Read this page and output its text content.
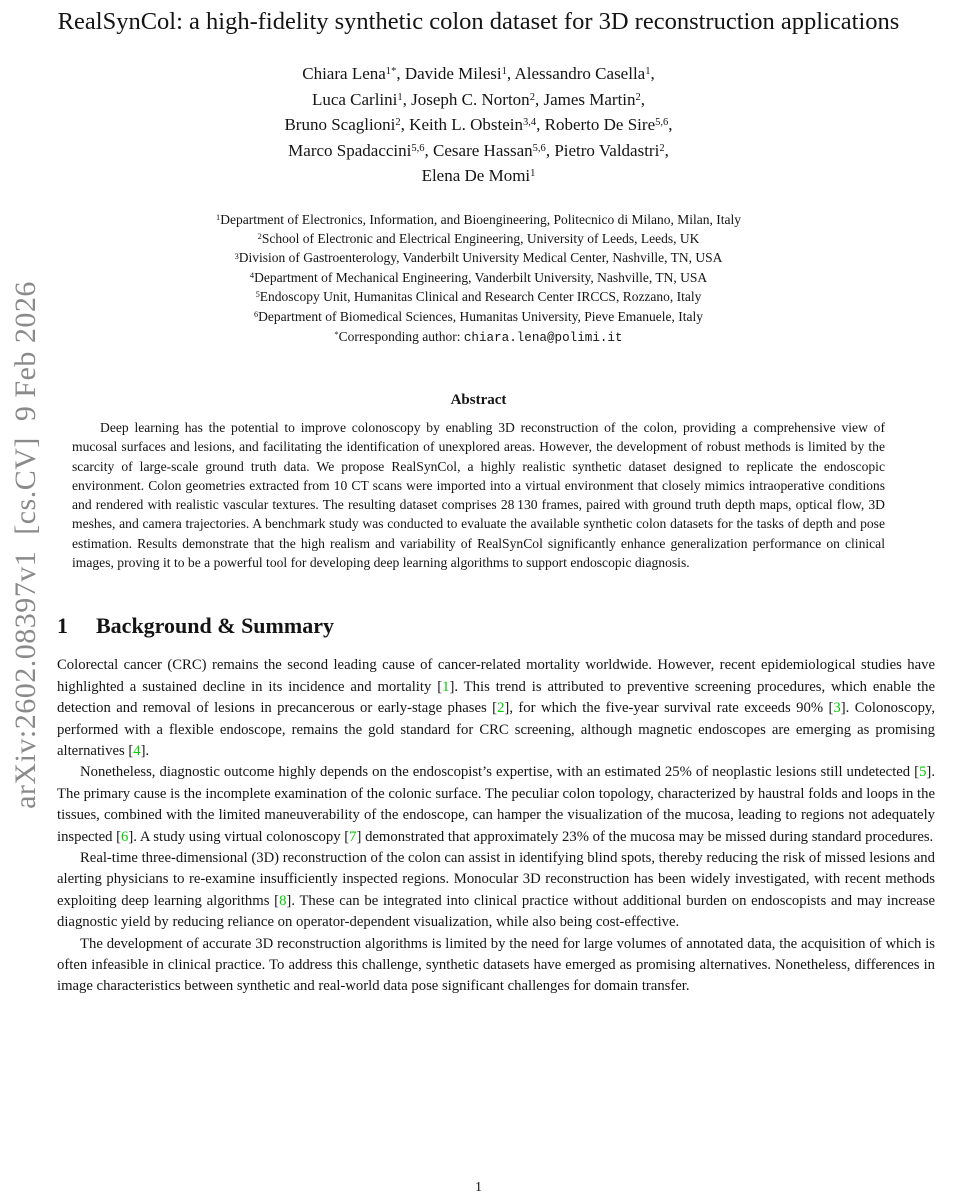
arXiv:2602.08397v1  [cs.CV]  9 Feb 2026
RealSynCol: a high-fidelity synthetic colon dataset for 3D reconstruction applications
Chiara Lena$^{1*}$, Davide Milesi$^1$, Alessandro Casella$^1$,
Luca Carlini$^1$, Joseph C. Norton$^2$, James Martin$^2$,
Bruno Scaglioni$^2$, Keith L. Obstein$^{3,4}$, Roberto De Sire$^{5,6}$,
Marco Spadaccini$^{5,6}$, Cesare Hassan$^{5,6}$, Pietro Valdastri$^2$,
Elena De Momi$^1$
$^1$Department of Electronics, Information, and Bioengineering, Politecnico di Milano, Milan, Italy
$^2$School of Electronic and Electrical Engineering, University of Leeds, Leeds, UK
$^3$Division of Gastroenterology, Vanderbilt University Medical Center, Nashville, TN, USA
$^4$Department of Mechanical Engineering, Vanderbilt University, Nashville, TN, USA
$^5$Endoscopy Unit, Humanitas Clinical and Research Center IRCCS, Rozzano, Italy
$^6$Department of Biomedical Sciences, Humanitas University, Pieve Emanuele, Italy
*Corresponding author: chiara.lena@polimi.it
Abstract

Deep learning has the potential to improve colonoscopy by enabling 3D reconstruction of the colon, providing a comprehensive view of mucosal surfaces and lesions, and facilitating the identification of unexplored areas. However, the development of robust methods is limited by the scarcity of large-scale ground truth data. We propose RealSynCol, a highly realistic synthetic dataset designed to replicate the endoscopic environment. Colon geometries extracted from 10 CT scans were imported into a virtual environment that closely mimics intraoperative conditions and rendered with realistic vascular textures. The resulting dataset comprises 28 130 frames, paired with ground truth depth maps, optical flow, 3D meshes, and camera trajectories. A benchmark study was conducted to evaluate the available synthetic colon datasets for the tasks of depth and pose estimation. Results demonstrate that the high realism and variability of RealSynCol significantly enhance generalization performance on clinical images, proving it to be a powerful tool for developing deep learning algorithms to support endoscopic diagnosis.

1 Background & Summary

Colorectal cancer (CRC) remains the second leading cause of cancer-related mortality worldwide. However, recent epidemiological studies have highlighted a sustained decline in its incidence and mortality [1]. This trend is attributed to preventive screening procedures, which enable the detection and removal of lesions in precancerous or early-stage phases [2], for which the five-year survival rate exceeds 90% [3]. Colonoscopy, performed with a flexible endoscope, remains the gold standard for CRC screening, although magnetic endoscopes are emerging as promising alternatives [4].

Nonetheless, diagnostic outcome highly depends on the endoscopist’s expertise, with an estimated 25% of neoplastic lesions still undetected [5]. The primary cause is the incomplete examination of the colonic surface. The peculiar colon topology, characterized by haustral folds and loops in the tissues, combined with the limited maneuverability of the endoscope, can hamper the visualization of the mucosa, leading to regions not adequately inspected [6]. A study using virtual colonoscopy [7] demonstrated that approximately 23% of the mucosa may be missed during standard procedures.

Real-time three-dimensional (3D) reconstruction of the colon can assist in identifying blind spots, thereby reducing the risk of missed lesions and alerting physicians to re-examine insufficiently inspected regions. Monocular 3D reconstruction has been widely investigated, with recent methods exploiting deep learning algorithms [8]. These can be integrated into clinical practice without additional burden on endoscopists and may increase diagnostic yield by reducing reliance on operator-dependent visualization, while also being cost-effective.

The development of accurate 3D reconstruction algorithms is limited by the need for large volumes of annotated data, the acquisition of which is often infeasible in clinical practice. To address this challenge, synthetic datasets have emerged as promising alternatives. Nonetheless, differences in image characteristics between synthetic and real-world data pose significant challenges for domain transfer.

1
